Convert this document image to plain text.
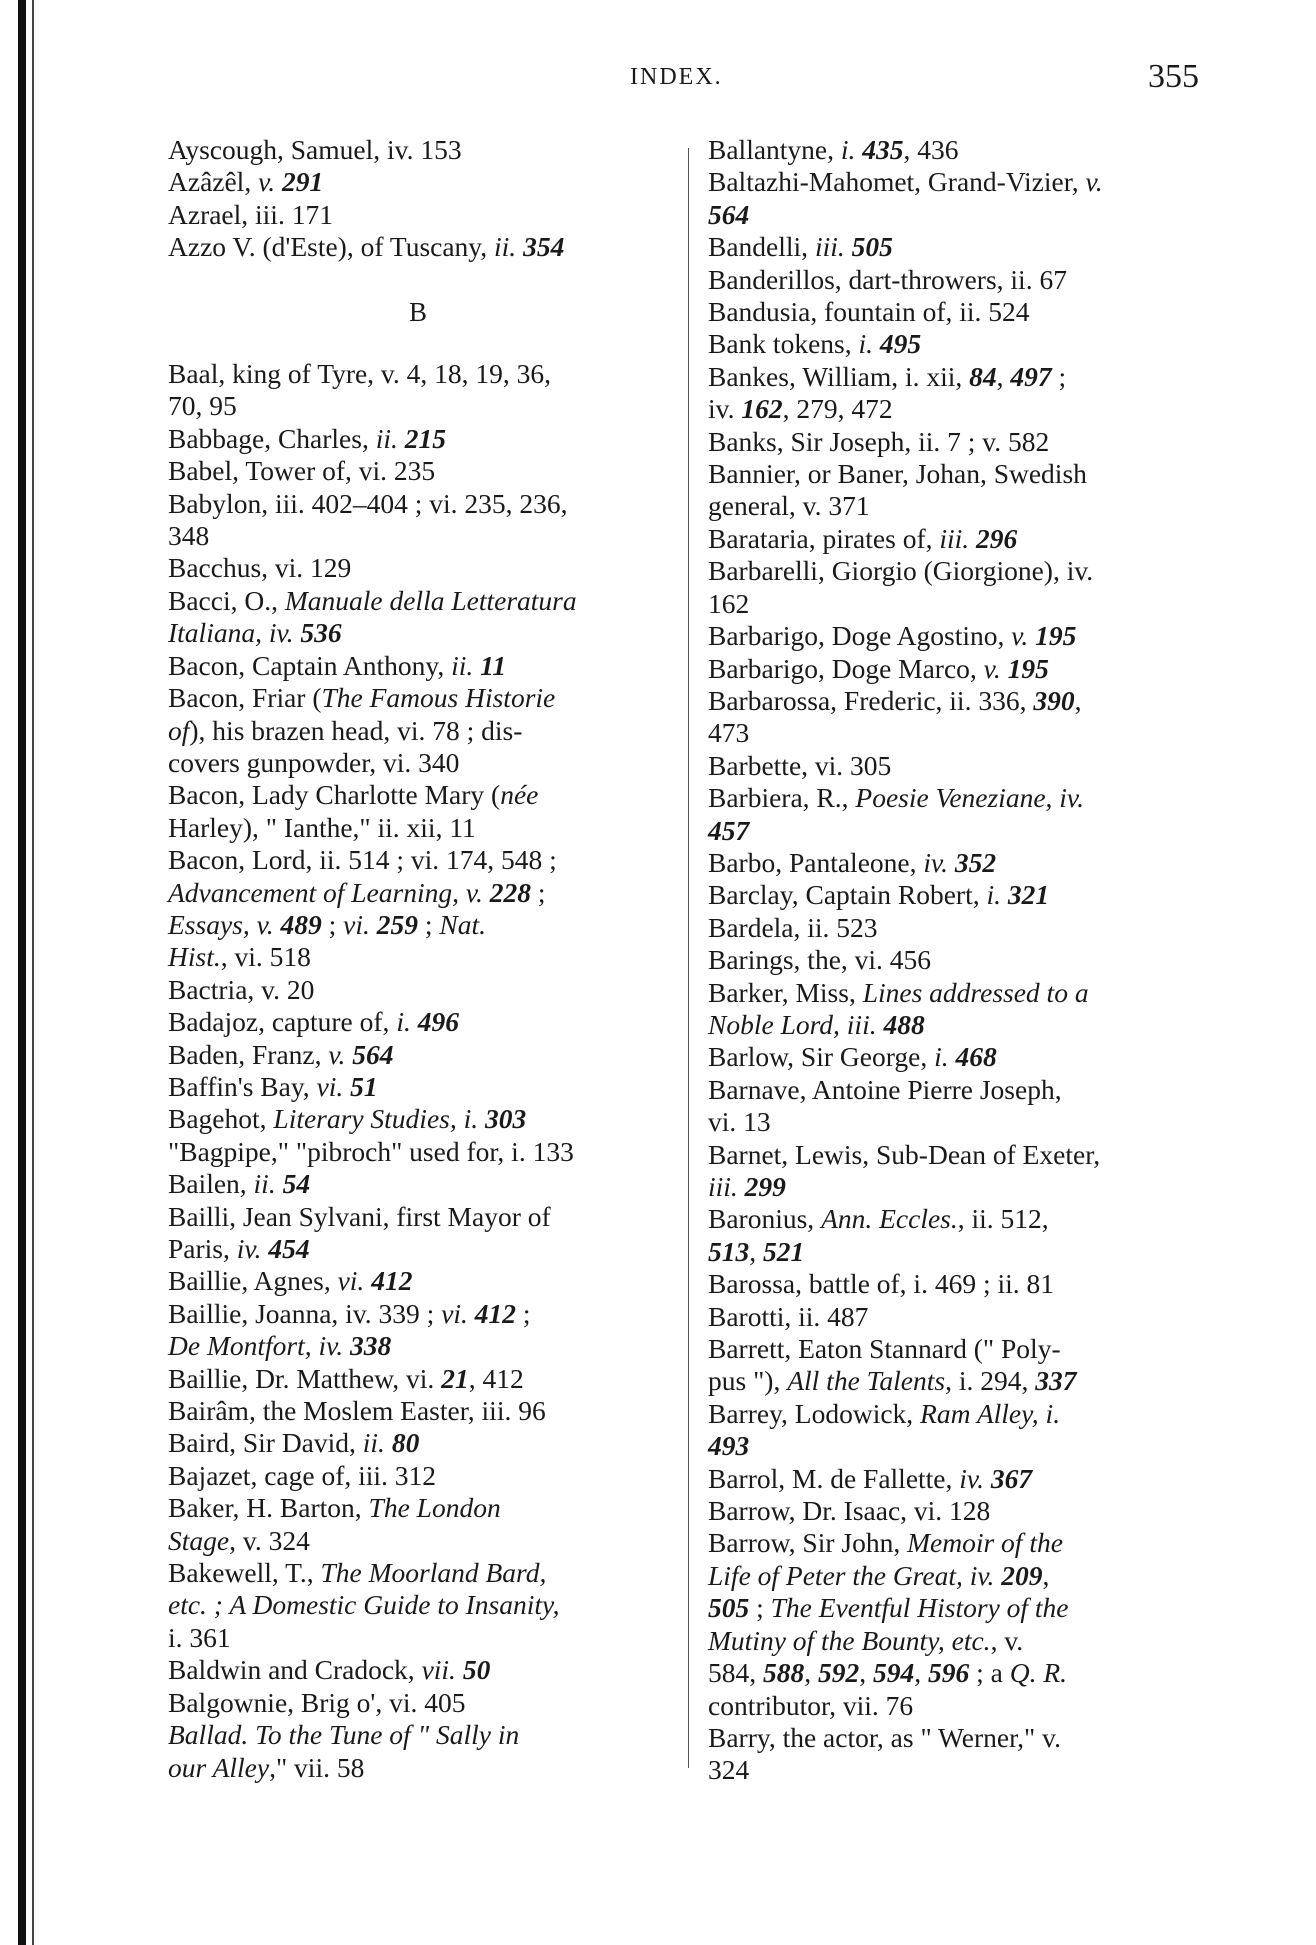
INDEX.	355
Ayscough, Samuel, iv. 153
Azâzêl, v. 291
Azrael, iii. 171
Azzo V. (d'Este), of Tuscany, ii. 354
B
Baal, king of Tyre, v. 4, 18, 19, 36,
70, 95
Babbage, Charles, ii. 215
Babel, Tower of, vi. 235
Babylon, iii. 402–404 ; vi. 235, 236,
348
Bacchus, vi. 129
Bacci, O., Manuale della Letteratura
Italiana, iv. 536
Bacon, Captain Anthony, ii. 11
Bacon, Friar (The Famous Historie
of), his brazen head, vi. 78 ; dis-
covers gunpowder, vi. 340
Bacon, Lady Charlotte Mary (née
Harley), " Ianthe," ii. xii, 11
Bacon, Lord, ii. 514 ; vi. 174, 548 ;
Advancement of Learning, v. 228 ;
Essays, v. 489 ; vi. 259 ; Nat.
Hist., vi. 518
Bactria, v. 20
Badajoz, capture of, i. 496
Baden, Franz, v. 564
Baffin's Bay, vi. 51
Bagehot, Literary Studies, i. 303
"Bagpipe," "pibroch" used for, i. 133
Bailen, ii. 54
Bailli, Jean Sylvani, first Mayor of
Paris, iv. 454
Baillie, Agnes, vi. 412
Baillie, Joanna, iv. 339 ; vi. 412 ;
De Montfort, iv. 338
Baillie, Dr. Matthew, vi. 21, 412
Bairâm, the Moslem Easter, iii. 96
Baird, Sir David, ii. 80
Bajazet, cage of, iii. 312
Baker, H. Barton, The London
Stage, v. 324
Bakewell, T., The Moorland Bard,
etc. ; A Domestic Guide to Insanity,
i. 361
Baldwin and Cradock, vii. 50
Balgownie, Brig o', vi. 405
Ballad. To the Tune of " Sally in
our Alley," vii. 58
Ballantyne, i. 435, 436
Baltazhi-Mahomet, Grand-Vizier, v.
564
Bandelli, iii. 505
Banderillos, dart-throwers, ii. 67
Bandusia, fountain of, ii. 524
Bank tokens, i. 495
Bankes, William, i. xii, 84, 497 ;
iv. 162, 279, 472
Banks, Sir Joseph, ii. 7 ; v. 582
Bannier, or Baner, Johan, Swedish
general, v. 371
Barataria, pirates of, iii. 296
Barbarelli, Giorgio (Giorgione), iv.
162
Barbarigo, Doge Agostino, v. 195
Barbarigo, Doge Marco, v. 195
Barbarossa, Frederic, ii. 336, 390,
473
Barbette, vi. 305
Barbiera, R., Poesie Veneziane, iv.
457
Barbo, Pantaleone, iv. 352
Barclay, Captain Robert, i. 321
Bardela, ii. 523
Barings, the, vi. 456
Barker, Miss, Lines addressed to a
Noble Lord, iii. 488
Barlow, Sir George, i. 468
Barnave, Antoine Pierre Joseph,
vi. 13
Barnet, Lewis, Sub-Dean of Exeter,
iii. 299
Baronius, Ann. Eccles., ii. 512,
513, 521
Barossa, battle of, i. 469 ; ii. 81
Barotti, ii. 487
Barrett, Eaton Stannard (" Poly-
pus "), All the Talents, i. 294, 337
Barrey, Lodowick, Ram Alley, i.
493
Barrol, M. de Fallette, iv. 367
Barrow, Dr. Isaac, vi. 128
Barrow, Sir John, Memoir of the
Life of Peter the Great, iv. 209,
505 ; The Eventful History of the
Mutiny of the Bounty, etc., v.
584, 588, 592, 594, 596 ; a Q. R.
contributor, vii. 76
Barry, the actor, as " Werner," v.
324
